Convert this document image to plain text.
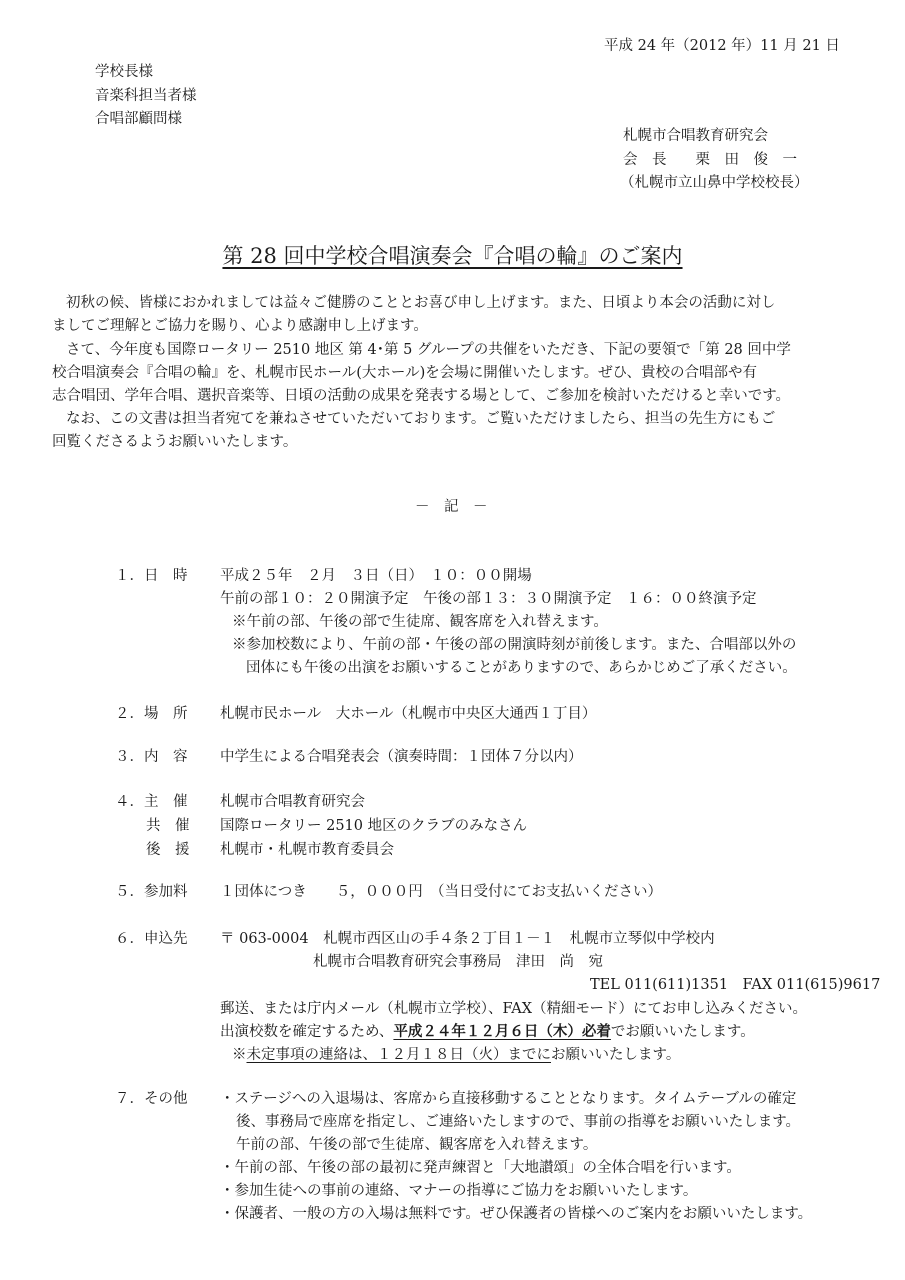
平成 24 年（2012 年）11 月 21 日
学校長様
音楽科担当者様
合唱部顧問様
札幌市合唱教育研究会
会　長　　栗　田　俊　一
（札幌市立山鼻中学校校長）
第 28 回中学校合唱演奏会『合唱の輪』のご案内
初秋の候、皆様におかれましては益々ご健勝のこととお喜び申し上げます。また、日頃より本会の活動に対し
ましてご理解とご協力を賜り、心より感謝申し上げます。
さて、今年度も国際ロータリー 2510 地区 第 4･第 5 グループの共催をいただき、下記の要領で「第 28 回中学
校合唱演奏会『合唱の輪』を、札幌市民ホール(大ホール)を会場に開催いたします。ぜひ、貴校の合唱部や有
志合唱団、学年合唱、選択音楽等、日頃の活動の成果を発表する場として、ご参加を検討いただけると幸いです。
なお、この文書は担当者宛てを兼ねさせていただいております。ご覧いただけましたら、担当の先生方にもご
回覧くださるようお願いいたします。
－　記　－
１．日　時 平成２５年　２月　３日（日）　１０：００開場
午前の部１０：２０開演予定　午後の部１３：３０開演予定　１６：００終演予定
※午前の部、午後の部で生徒席、観客席を入れ替えます。
※参加校数により、午前の部・午後の部の開演時刻が前後します。また、合唱部以外の
団体にも午後の出演をお願いすることがありますので、あらかじめご了承ください。
２．場　所 札幌市民ホール　大ホール（札幌市中央区大通西１丁目）
３．内　容 中学生による合唱発表会（演奏時間：１団体７分以内）
４．主　催 札幌市合唱教育研究会
共　催 国際ロータリー 2510 地区のクラブのみなさん
後　援 札幌市・札幌市教育委員会
５．参加料 １団体につき　　５，０００円　（当日受付にてお支払いください）
６．申込先 〒 063-0004　札幌市西区山の手４条２丁目１－１　札幌市立琴似中学校内
札幌市合唱教育研究会事務局　津田　尚　宛
TEL 011(611)1351　FAX 011(615)9617
郵送、または庁内メール（札幌市立学校）、FAX（精細モード）にてお申し込みください。
出演校数を確定するため、平成２４年１２月６日（木）必着でお願いいたします。
※未定事項の連絡は、１２月１８日（火）までにお願いいたします。
７．その他 ・ステージへの入退場は、客席から直接移動することとなります。タイムテーブルの確定
後、事務局で座席を指定し、ご連絡いたしますので、事前の指導をお願いいたします。
午前の部、午後の部で生徒席、観客席を入れ替えます。
・午前の部、午後の部の最初に発声練習と「大地讃頌」の全体合唱を行います。
・参加生徒への事前の連絡、マナーの指導にご協力をお願いいたします。
・保護者、一般の方の入場は無料です。ぜひ保護者の皆様へのご案内をお願いいたします。
